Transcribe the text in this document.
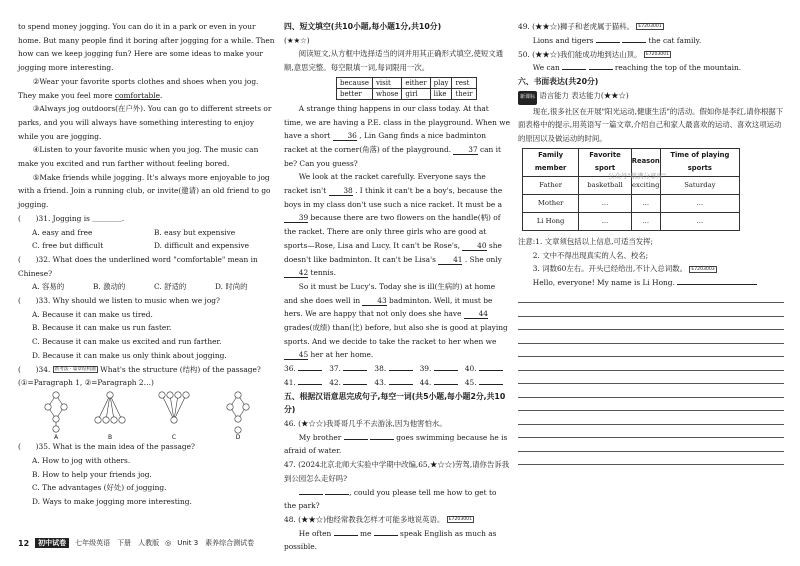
to spend money jogging. You can do it in a park or even in your home. But many people find it boring after jogging for a while. Then how can we keep jogging fun? Here are some ideas to make your jogging more interesting.

②Wear your favorite sports clothes and shoes when you jog. They make you feel more comfortable.

③Always jog outdoors(在户外). You can go to different streets or parks, and you will always have something interesting to enjoy while you are jogging.

④Listen to your favorite music when you jog. The music can make you excited and run farther without feeling bored.

⑤Make friends while jogging. It's always more enjoyable to jog with a friend. Join a running club, or invite(邀请) an old friend to go jogging.

(　　)31. Jogging is ＿＿＿＿.

A. easy and free	B. easy but expensive
C. free but difficult	D. difficult and expensive

(　　)32. What does the underlined word "comfortable" mean in Chinese?

A. 容易的	B. 激动的	C. 舒适的	D. 时尚的

(　　)33. Why should we listen to music when we jog?

A. Because it can make us tired.

B. Because it can make us run faster.

C. Because it can make us excited and run farther.

D. Because it can make us only think about jogging.

(　　)34. 新考法 · 篇章结构题 What's the structure (结构) of the passage? (①=Paragraph 1, ②=Paragraph 2…)

A	B	C	D

(　　)35. What is the main idea of the passage?

A. How to jog with others.

B. How to help your friends jog.

C. The advantages (好处) of jogging.

D. Ways to make jogging more interesting.

四、短文填空(共10小题,每小题1分,共10分)

(★★☆)

阅读短文,从方框中选择适当的词并用其正确形式填空,使短文通顺,意思完整。每空限填一词,每词限用一次。

because	visit	either	play	rest
better	whose	girl	like	their

A strange thing happens in our class today. At that time, we are having a P.E. class in the playground. When we have a short 36 , Lin Gang finds a nice badminton racket at the corner(角落) of the playground. 37 can it be? Can you guess?

We look at the racket carefully. Everyone says the racket isn't 38 . I think it can't be a boy's, because the boys in my class don't use such a nice racket. It must be a 39 because there are two flowers on the handle(柄) of the racket. There are only three girls who are good at sports—Rose, Lisa and Lucy. It can't be Rose's, 40 she doesn't like badminton. It can't be Lisa's 41 . She only 42 tennis.

So it must be Lucy's. Today she is ill(生病的) at home and she does well in 43 badminton. Well, it must be hers. We are happy that not only does she have 44 grades(成绩) than(比) before, but also she is good at playing sports. And we decide to take the racket to her when we 45 her at her home.

36.	37.	38.	39.	40.
41.	42.	43.	44.	45.

五、根据汉语意思完成句子,每空一词(共5小题,每小题2分,共10分)

46. (★☆☆)我哥哥几乎不去游泳,因为他害怕水。

My brother	goes swimming because he is afraid of water.

47. (2024北京北师大实验中学期中改编,65,★☆☆)劳驾,请你告诉我到公园怎么走好吗?

, could you please tell me how to get to the park?

48. (★★☆)他经常教我怎样才可能多地说英语。 E7203001

He often	me	speak English as much as possible.

49. (★★☆)狮子和老虎属于猫科。 E7203001

Lions and tigers	the cat family.

50. (★★☆)我们能成功地到达山顶。 E7203001

We can	reaching the top of the mountain.

六、书面表达(共20分)

新课标 语言能力 表达能力(★★☆)

现在,很多社区在开展"阳光运动,健康生活"的活动。假如你是李红,请你根据下面表格中的提示,用英语写一篇文章,介绍自己和家人最喜欢的运动、喜欢这项运动的原因以及做运动的时间。

Family member	Favorite sport	Reason	Time of playing sports
Father	basketball	exciting	Saturday
Mother	...	...	...
Li Hong	...	...	...

注意:1. 文章须包括以上信息,可适当发挥;

2. 文中不得出现真实的人名、校名;

3. 词数60左右。开头已经给出,不计入总词数。 E7203003

Hello, everyone! My name is Li Hong.

公众号"鹅满分享库"
12	初中试卷	七年级英语　下册　人教版 ◎ Unit 3　素养综合测试卷
